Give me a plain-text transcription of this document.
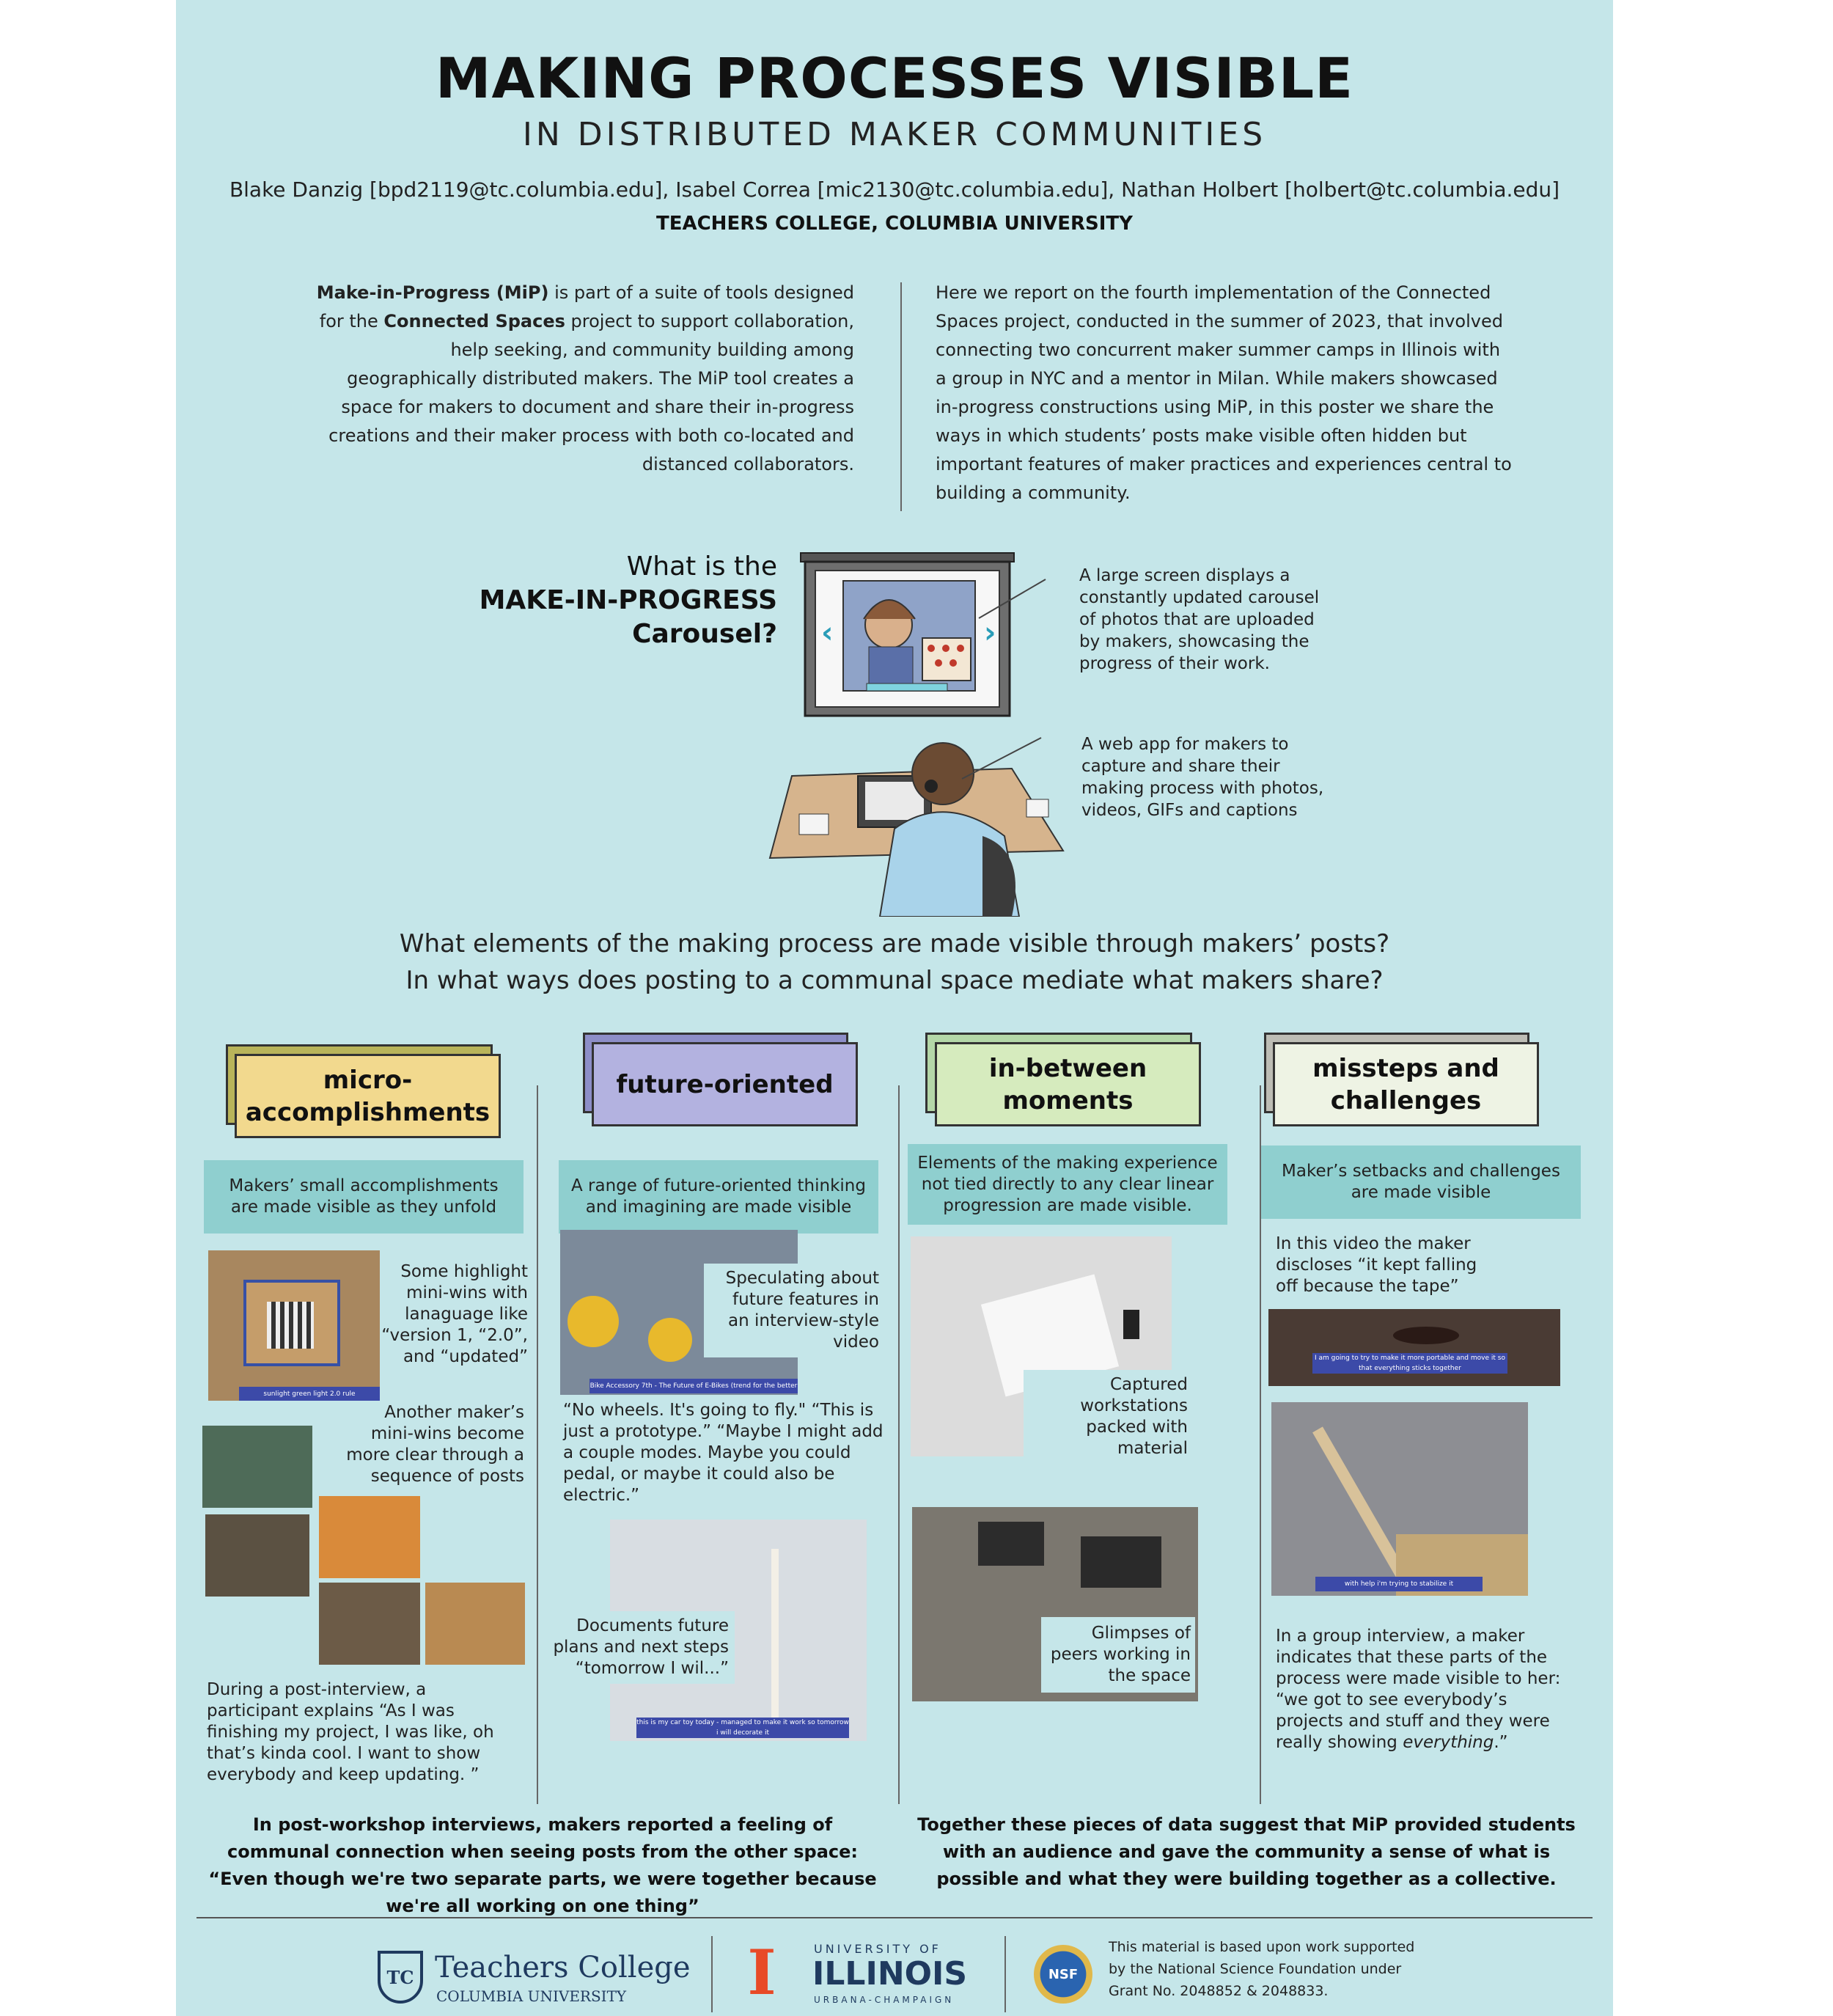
MAKING PROCESSES VISIBLE
IN DISTRIBUTED MAKER COMMUNITIES
Blake Danzig [bpd2119@tc.columbia.edu], Isabel Correa [mic2130@tc.columbia.edu], Nathan Holbert [holbert@tc.columbia.edu]
TEACHERS COLLEGE, COLUMBIA UNIVERSITY
Make-in-Progress (MiP) is part of a suite of tools designed for the Connected Spaces project to support collaboration, help seeking, and community building among geographically distributed makers. The MiP tool creates a space for makers to document and share their in-progress creations and their maker process with both co-located and distanced collaborators.
Here we report on the fourth implementation of the Connected Spaces project, conducted in the summer of 2023, that involved connecting two concurrent maker summer camps in Illinois with a group in NYC and a mentor in Milan. While makers showcased in-progress constructions using MiP, in this poster we share the ways in which students’ posts make visible often hidden but important features of maker practices and experiences central to building a community.
What is the
MAKE-IN-PROGRESS
Carousel? ‹	›
A large screen displays a constantly updated carousel of photos that are uploaded by makers, showcasing the progress of their work.
A web app for makers to capture and share their making process with photos, videos, GIFs and captions
What elements of the making process are made visible through makers’ posts?
In what ways does posting to a communal space mediate what makers share?
micro-
accomplishments
Makers’ small accomplishments are made visible as they unfold
sunlight green light 2.0 rule
Some highlight mini-wins with lanaguage like “version 1, “2.0”, and “updated”
Another maker’s mini-wins become more clear through a sequence of posts
During a post-interview, a participant explains “As I was finishing my project, I was like, oh that’s kinda cool. I want to show everybody and keep updating. ”
future-oriented
A range of future-oriented thinking and imagining are made visible
Bike Accessory 7th - The Future of E-Bikes (trend for the better
Speculating about future features in an interview-style video
“No wheels. It's going to fly." “This is just a prototype.” “Maybe I might add a couple modes. Maybe you could pedal, or maybe it could also be electric.”
this is my car toy today - managed to make it work so tomorrow i will decorate it
Documents future plans and next steps “tomorrow I wil...”
in-between
moments
Elements of the making experience not tied directly to any clear linear progression are made visible.
Captured workstations packed with material
Glimpses of peers working in the space
missteps and
challenges
Maker’s setbacks and challenges are made visible
In this video the maker discloses “it kept falling off because the tape”
I am going to try to make it more portable and move it so that everything sticks together
with help i'm trying to stabilize it
In a group interview, a maker indicates that these parts of the process were made visible to her: “we got to see everybody’s projects and stuff and they were really showing everything.”
In post-workshop interviews, makers reported a feeling of communal connection when seeing posts from the other space: “Even though we're two separate parts, we were together because we're all working on one thing”
Together these pieces of data suggest that MiP provided students with an audience and gave the community a sense of what is possible and what they were building together as a collective.
TC Teachers College
COLUMBIA UNIVERSITY I	UNIVERSITY OF
ILLINOIS
URBANA-CHAMPAIGN
NSF
This material is based upon work supported by the National Science Foundation under Grant No. 2048852 & 2048833.
